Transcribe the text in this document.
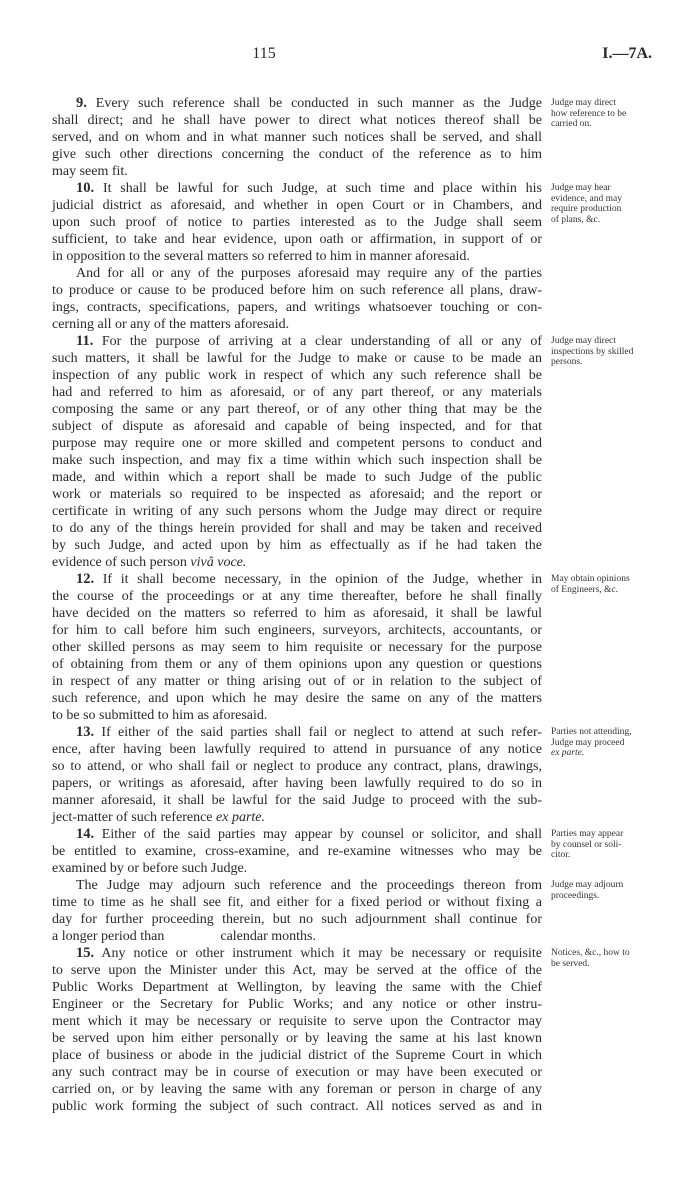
115	I.—7A.
9. Every such reference shall be conducted in such manner as the Judge
shall direct; and he shall have power to direct what notices thereof shall be
served, and on whom and in what manner such notices shall be served, and shall
give such other directions concerning the conduct of the reference as to him
may seem fit.
10. It shall be lawful for such Judge, at such time and place within his
judicial district as aforesaid, and whether in open Court or in Chambers, and
upon such proof of notice to parties interested as to the Judge shall seem
sufficient, to take and hear evidence, upon oath or affirmation, in support of or
in opposition to the several matters so referred to him in manner aforesaid.
And for all or any of the purposes aforesaid may require any of the parties
to produce or cause to be produced before him on such reference all plans, draw-
ings, contracts, specifications, papers, and writings whatsoever touching or con-
cerning all or any of the matters aforesaid.
11. For the purpose of arriving at a clear understanding of all or any of
such matters, it shall be lawful for the Judge to make or cause to be made an
inspection of any public work in respect of which any such reference shall be
had and referred to him as aforesaid, or of any part thereof, or any materials
composing the same or any part thereof, or of any other thing that may be the
subject of dispute as aforesaid and capable of being inspected, and for that
purpose may require one or more skilled and competent persons to conduct and
make such inspection, and may fix a time within which such inspection shall be
made, and within which a report shall be made to such Judge of the public
work or materials so required to be inspected as aforesaid; and the report or
certificate in writing of any such persons whom the Judge may direct or require
to do any of the things herein provided for shall and may be taken and received
by such Judge, and acted upon by him as effectually as if he had taken the
evidence of such person vivâ voce.
12. If it shall become necessary, in the opinion of the Judge, whether in
the course of the proceedings or at any time thereafter, before he shall finally
have decided on the matters so referred to him as aforesaid, it shall be lawful
for him to call before him such engineers, surveyors, architects, accountants, or
other skilled persons as may seem to him requisite or necessary for the purpose
of obtaining from them or any of them opinions upon any question or questions
in respect of any matter or thing arising out of or in relation to the subject of
such reference, and upon which he may desire the same on any of the matters
to be so submitted to him as aforesaid.
13. If either of the said parties shall fail or neglect to attend at such refer-
ence, after having been lawfully required to attend in pursuance of any notice
so to attend, or who shall fail or neglect to produce any contract, plans, drawings,
papers, or writings as aforesaid, after having been lawfully required to do so in
manner aforesaid, it shall be lawful for the said Judge to proceed with the sub-
ject-matter of such reference ex parte.
14. Either of the said parties may appear by counsel or solicitor, and shall
be entitled to examine, cross-examine, and re-examine witnesses who may be
examined by or before such Judge.
The Judge may adjourn such reference and the proceedings thereon from
time to time as he shall see fit, and either for a fixed period or without fixing a
day for further proceeding therein, but no such adjournment shall continue for
a longer period than	calendar months.
15. Any notice or other instrument which it may be necessary or requisite
to serve upon the Minister under this Act, may be served at the office of the
Public Works Department at Wellington, by leaving the same with the Chief
Engineer or the Secretary for Public Works; and any notice or other instru-
ment which it may be necessary or requisite to serve upon the Contractor may
be served upon him either personally or by leaving the same at his last known
place of business or abode in the judicial district of the Supreme Court in which
any such contract may be in course of execution or may have been executed or
carried on, or by leaving the same with any foreman or person in charge of any
public work forming the subject of such contract. All notices served as and in
Judge may direct
how reference to be
carried on.
Judge may hear
evidence, and may
require production
of plans, &c.
Judge may direct
inspections by skilled
persons.
May obtain opinions
of Engineers, &c.
Parties not attending,
Judge may proceed
ex parte.
Parties may appear
by counsel or soli-
citor.
Judge may adjourn
proceedings.
Notices, &c., how to
be served.
